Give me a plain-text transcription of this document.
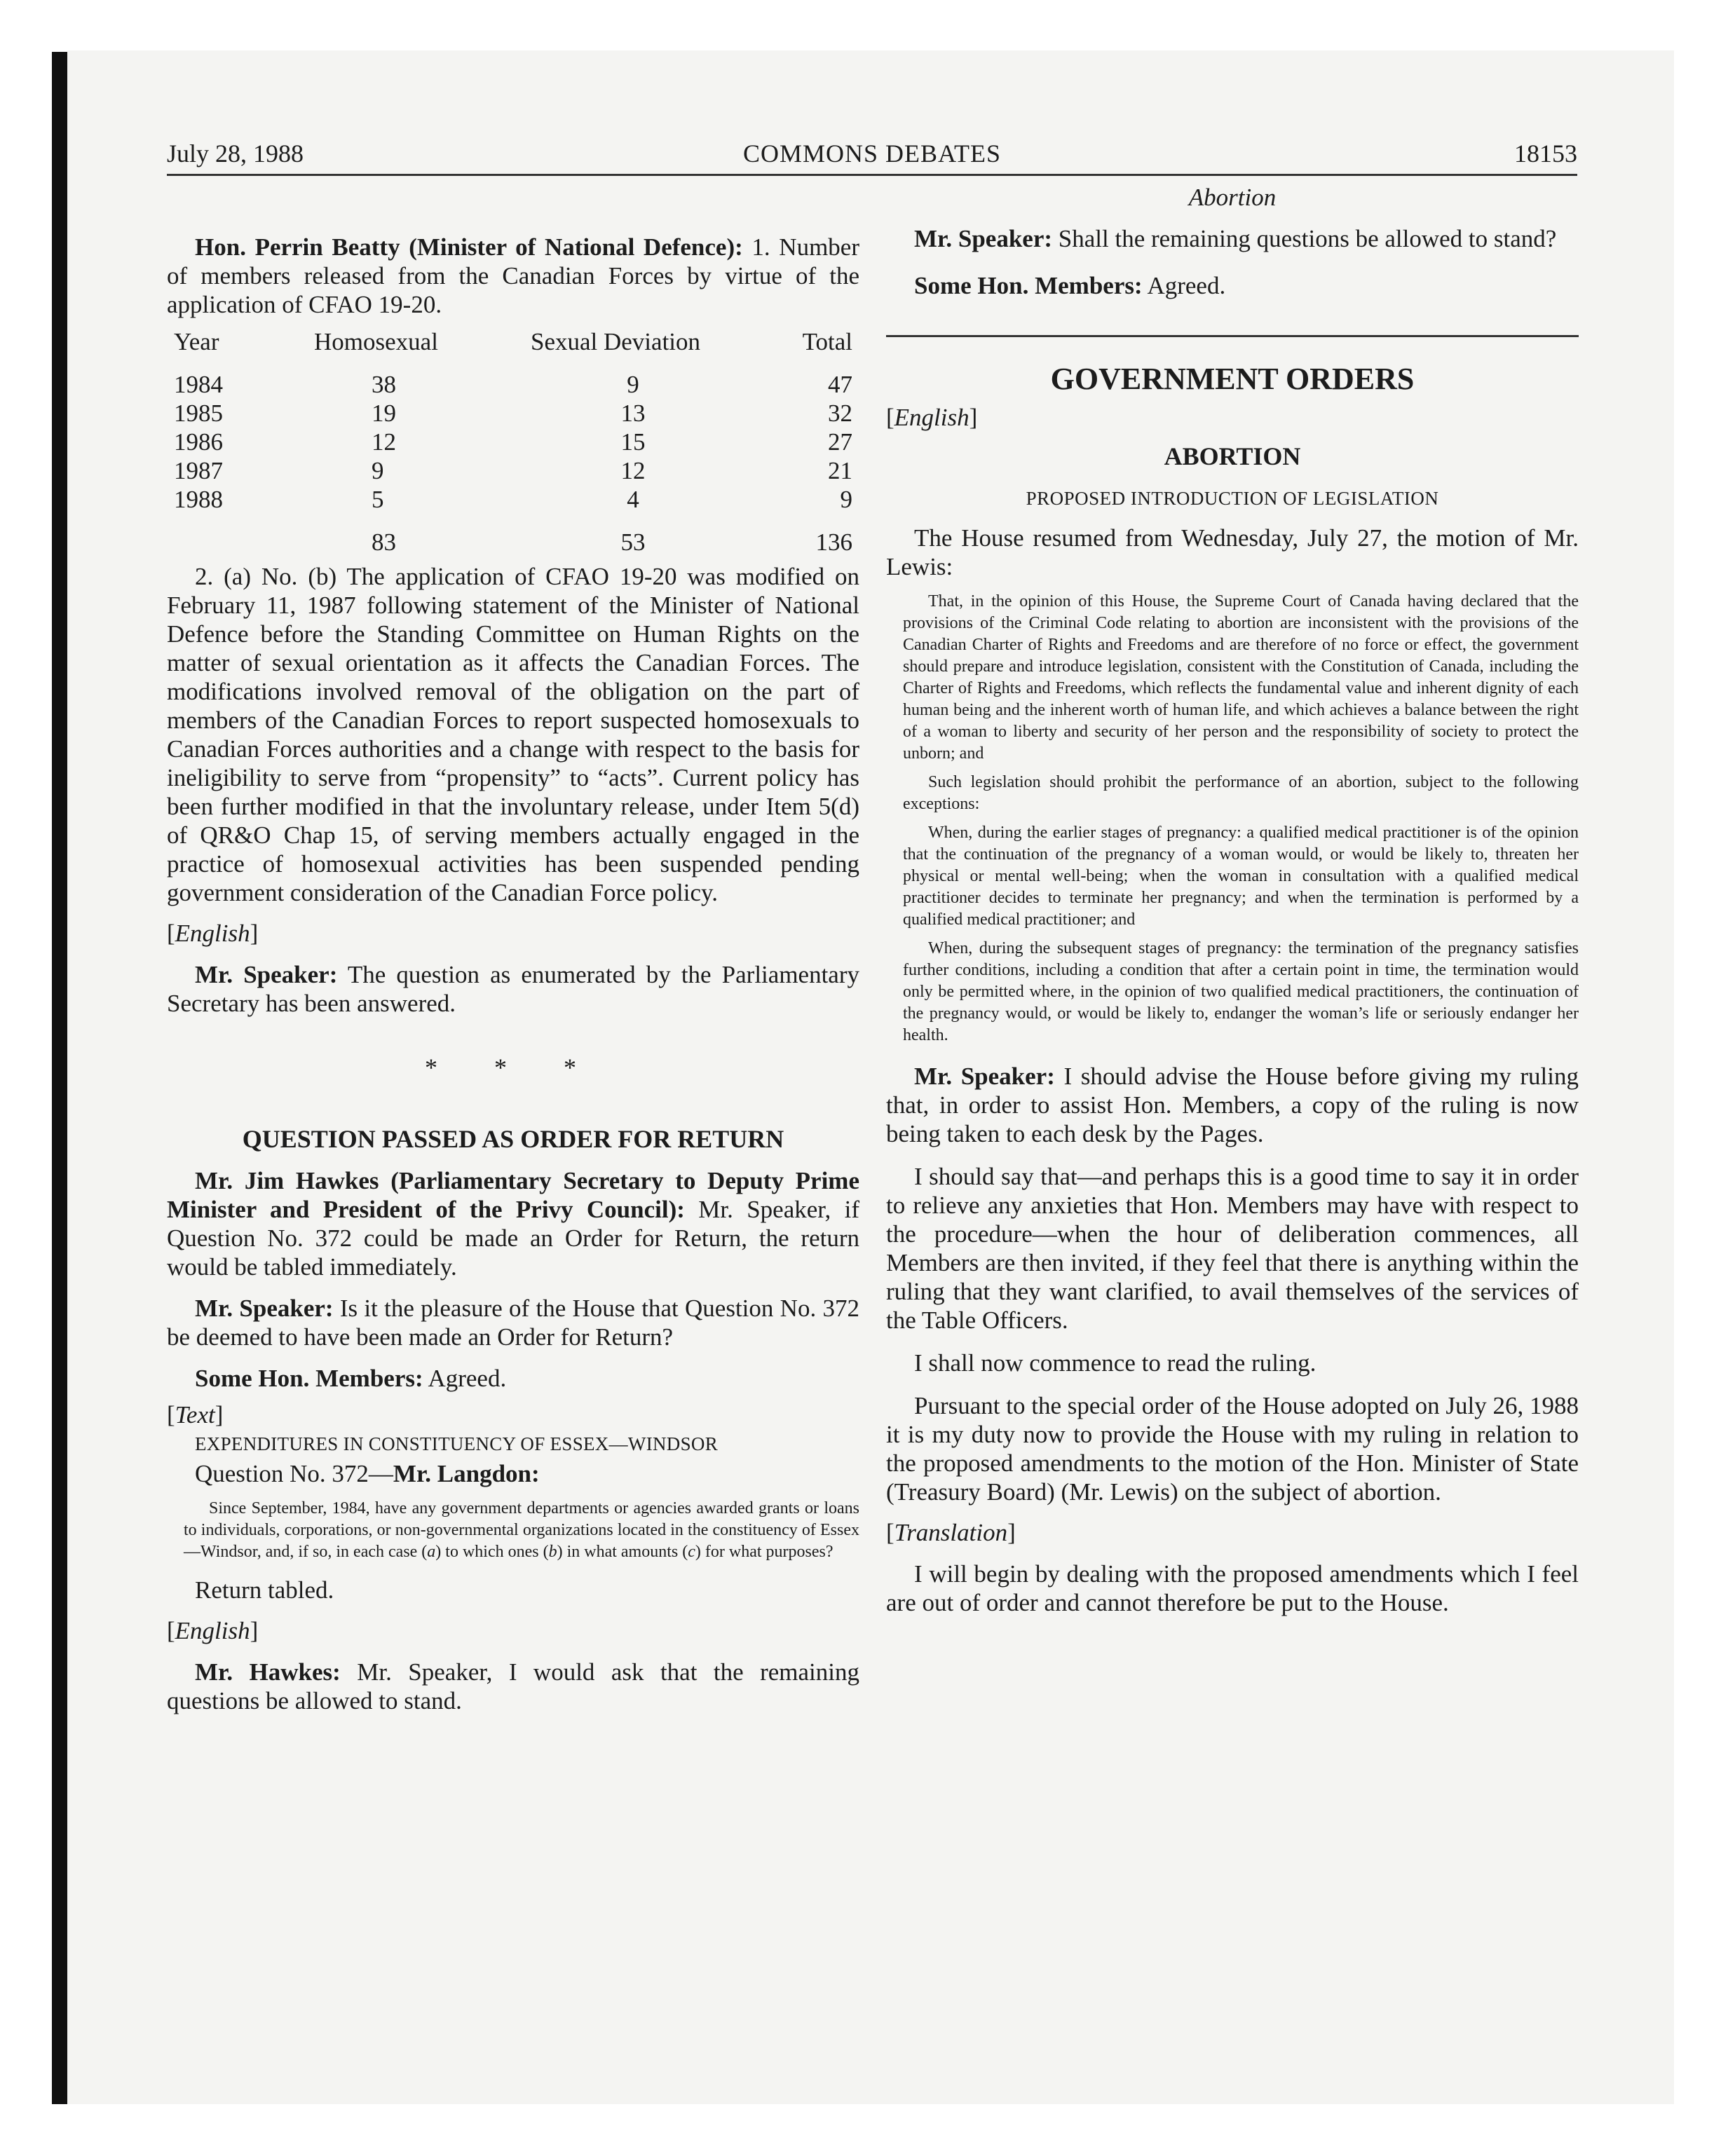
July 28, 1988	COMMONS DEBATES	18153

Hon. Perrin Beatty (Minister of National Defence): 1. Number of members released from the Canadian Forces by virtue of the application of CFAO 19-20.

Year	Homosexual	Sexual Deviation	Total

1984	38	9	47
1985	19	13	32
1986	12	15	27
1987	9	12	21
1988	5	4	9

	83	53	136

2. (a) No. (b) The application of CFAO 19-20 was modified on February 11, 1987 following statement of the Minister of National Defence before the Standing Committee on Human Rights on the matter of sexual orientation as it affects the Canadian Forces. The modifications involved removal of the obligation on the part of members of the Canadian Forces to report suspected homosexuals to Canadian Forces authorities and a change with respect to the basis for ineligibility to serve from “propensity” to “acts”. Current policy has been further modified in that the involuntary release, under Item 5(d) of QR&O Chap 15, of serving members actually engaged in the practice of homosexual activities has been suspended pending government consideration of the Canadian Force policy.

[English]

Mr. Speaker: The question as enumerated by the Parliamentary Secretary has been answered.

* * *

QUESTION PASSED AS ORDER FOR RETURN

Mr. Jim Hawkes (Parliamentary Secretary to Deputy Prime Minister and President of the Privy Council): Mr. Speaker, if Question No. 372 could be made an Order for Return, the return would be tabled immediately.

Mr. Speaker: Is it the pleasure of the House that Question No. 372 be deemed to have been made an Order for Return?

Some Hon. Members: Agreed.

[Text]

EXPENDITURES IN CONSTITUENCY OF ESSEX—WINDSOR

Question No. 372—Mr. Langdon:

Since September, 1984, have any government departments or agencies awarded grants or loans to individuals, corporations, or non-governmental organizations located in the constituency of Essex—Windsor, and, if so, in each case (a) to which ones (b) in what amounts (c) for what purposes?

Return tabled.

[English]

Mr. Hawkes: Mr. Speaker, I would ask that the remaining questions be allowed to stand.

Abortion

Mr. Speaker: Shall the remaining questions be allowed to stand?

Some Hon. Members: Agreed.

GOVERNMENT ORDERS

[English]

ABORTION

PROPOSED INTRODUCTION OF LEGISLATION

The House resumed from Wednesday, July 27, the motion of Mr. Lewis:

That, in the opinion of this House, the Supreme Court of Canada having declared that the provisions of the Criminal Code relating to abortion are inconsistent with the provisions of the Canadian Charter of Rights and Freedoms and are therefore of no force or effect, the government should prepare and introduce legislation, consistent with the Constitution of Canada, including the Charter of Rights and Freedoms, which reflects the fundamental value and inherent dignity of each human being and the inherent worth of human life, and which achieves a balance between the right of a woman to liberty and security of her person and the responsibility of society to protect the unborn; and

Such legislation should prohibit the performance of an abortion, subject to the following exceptions:

When, during the earlier stages of pregnancy: a qualified medical practitioner is of the opinion that the continuation of the pregnancy of a woman would, or would be likely to, threaten her physical or mental well-being; when the woman in consultation with a qualified medical practitioner decides to terminate her pregnancy; and when the termination is performed by a qualified medical practitioner; and

When, during the subsequent stages of pregnancy: the termination of the pregnancy satisfies further conditions, including a condition that after a certain point in time, the termination would only be permitted where, in the opinion of two qualified medical practitioners, the continuation of the pregnancy would, or would be likely to, endanger the woman’s life or seriously endanger her health.

Mr. Speaker: I should advise the House before giving my ruling that, in order to assist Hon. Members, a copy of the ruling is now being taken to each desk by the Pages.

I should say that—and perhaps this is a good time to say it in order to relieve any anxieties that Hon. Members may have with respect to the procedure—when the hour of deliberation commences, all Members are then invited, if they feel that there is anything within the ruling that they want clarified, to avail themselves of the services of the Table Officers.

I shall now commence to read the ruling.

Pursuant to the special order of the House adopted on July 26, 1988 it is my duty now to provide the House with my ruling in relation to the proposed amendments to the motion of the Hon. Minister of State (Treasury Board) (Mr. Lewis) on the subject of abortion.

[Translation]

I will begin by dealing with the proposed amendments which I feel are out of order and cannot therefore be put to the House.
